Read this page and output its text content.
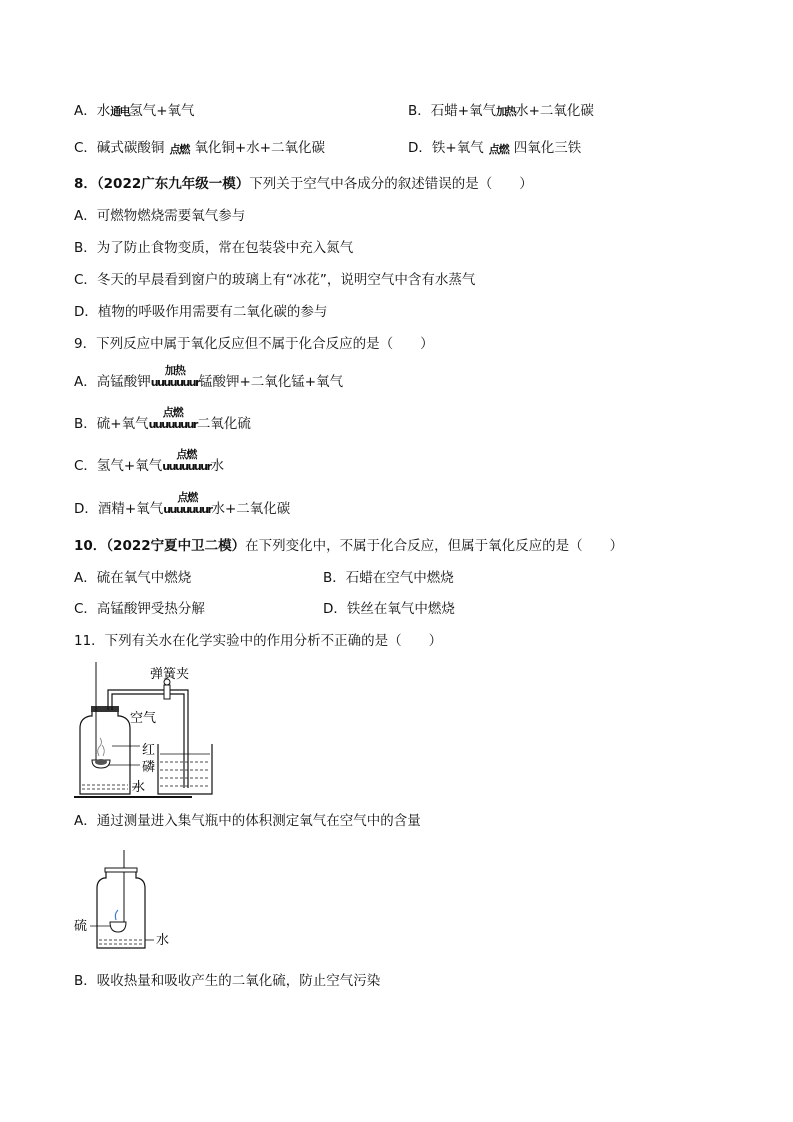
A．水通电氢气+氧气	B．石蜡+氧气加热水+二氧化碳
C．碱式碳酸铜 点燃 氧化铜+水+二氧化碳	D．铁+氧气 点燃 四氧化三铁
8．（2022广东九年级一模）下列关于空气中各成分的叙述错误的是（　　）
A．可燃物燃烧需要氧气参与
B．为了防止食物变质，常在包装袋中充入氮气
C．冬天的早晨看到窗户的玻璃上有“冰花”，说明空气中含有水蒸气
D．植物的呼吸作用需要有二氧化碳的参与
9．下列反应中属于氧化反应但不属于化合反应的是（　　）
A．高锰酸钾
加热
uuuuuuur锰酸钾+二氧化锰+氧气
B．硫+氧气
点燃
uuuuuuur二氧化硫
C．氢气+氧气
点燃
uuuuuuur水
D．酒精+氧气
点燃
uuuuuuur水+二氧化碳
10．（2022宁夏中卫二模）在下列变化中，不属于化合反应，但属于氧化反应的是（　　）
A．硫在氧气中燃烧	B．石蜡在空气中燃烧
C．高锰酸钾受热分解	D．铁丝在氧气中燃烧
11．下列有关水在化学实验中的作用分析不正确的是（　　）
弹簧夹
空气
红
磷
水
A．通过测量进入集气瓶中的体积测定氧气在空气中的含量
硫
水
B．吸收热量和吸收产生的二氧化硫，防止空气污染
